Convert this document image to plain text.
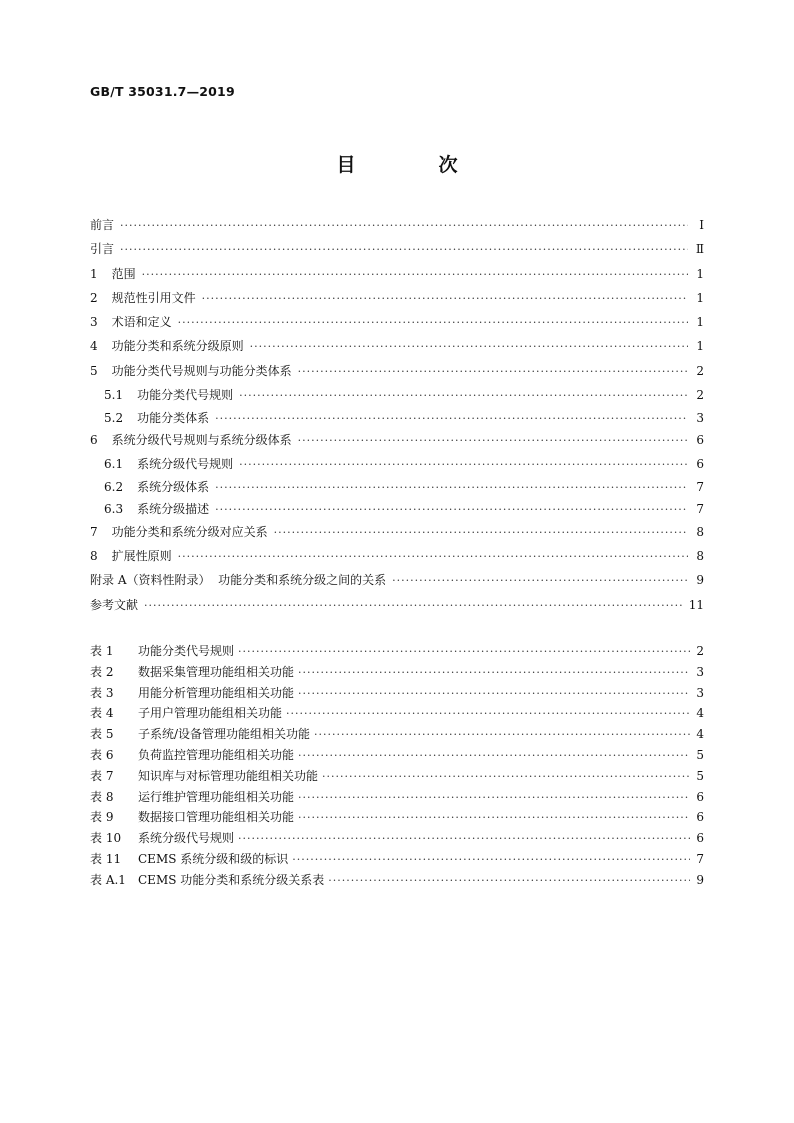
GB/T 35031.7—2019
目　次
前言 ·····	Ⅰ
引言 ·····	Ⅱ
1 范围 ·····	1
2 规范性引用文件 ·····	1
3 术语和定义 ·····	1
4 功能分类和系统分级原则 ·····	1
5 功能分类代号规则与功能分类体系 ·····	2
5.1 功能分类代号规则 ·····	2
5.2 功能分类体系 ·····	3
6 系统分级代号规则与系统分级体系 ·····	6
6.1 系统分级代号规则 ·····	6
6.2 系统分级体系 ·····	7
6.3 系统分级描述 ·····	7
7 功能分类和系统分级对应关系 ·····	8
8 扩展性原则 ·····	8
附录 A（资料性附录）  功能分类和系统分级之间的关系 ·····	9
参考文献 ·····	11
表 1	功能分类代号规则 ·····	2
表 2	数据采集管理功能组相关功能 ·····	3
表 3	用能分析管理功能组相关功能 ·····	3
表 4	子用户管理功能组相关功能 ·····	4
表 5	子系统/设备管理功能组相关功能 ·····	4
表 6	负荷监控管理功能组相关功能 ·····	5
表 7	知识库与对标管理功能组相关功能 ·····	5
表 8	运行维护管理功能组相关功能 ·····	6
表 9	数据接口管理功能组相关功能 ·····	6
表 10	系统分级代号规则 ·····	6
表 11	CEMS 系统分级和级的标识 ·····	7
表 A.1 CEMS 功能分类和系统分级关系表 ·····	9
